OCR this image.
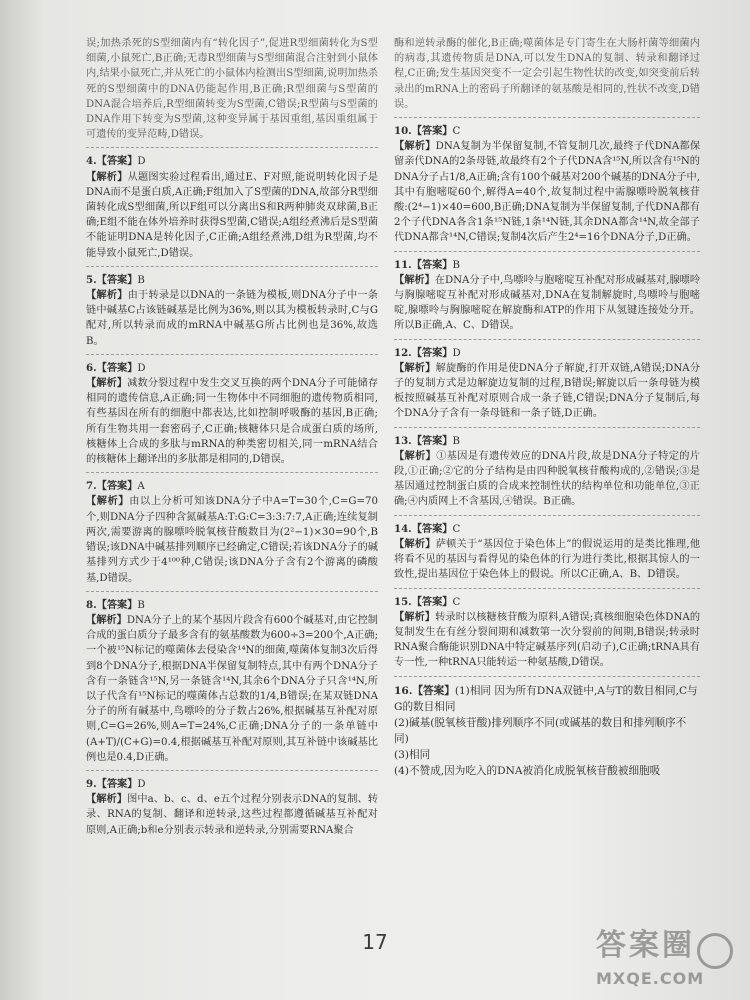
误;加热杀死的S型细菌内有“转化因子”,促进R型细菌转化为S型细菌,小鼠死亡,B正确;无毒R型细菌与S型细菌混合注射到小鼠体内,结果小鼠死亡,并从死亡的小鼠体内检测出S型细菌,说明加热杀死的S型细菌中的DNA仍能起作用,B正确;R型细菌与S型菌的DNA混合培养后,R型细菌转变为S型菌,C错误;R型菌与S型菌的DNA作用下转变为S型菌,这种变异属于基因重组,基因重组属于可遗传的变异范畴,D错误。
4.【答案】D
【解析】从题图实验过程看出,通过E、F对照,能说明转化因子是DNA而不是蛋白质,A正确;F组加入了S型菌的DNA,故部分R型细菌转化成S型细菌,所以F组可以分离出S和R两种肺炎双球菌,B正确;E组不能在体外培养时获得S型菌,C错误;A组经煮沸后是S型菌不能证明DNA是转化因子,C正确;A组经煮沸,D组为R型菌,均不能导致小鼠死亡,D错误。
5.【答案】B
【解析】由于转录是以DNA的一条链为模板,则DNA分子中一条链中碱基C占该链碱基是比例为36%,则以其为模板转录时,C与G配对,所以转录而成的mRNA中碱基G所占比例也是36%,故选B。
6.【答案】D
【解析】减数分裂过程中发生交叉互换的两个DNA分子可能储存相同的遗传信息,A正确;同一生物体中不同细胞的遗传物质相同,有些基因在所有的细胞中都表达,比如控制呼吸酶的基因,B正确;所有生物共用一套密码子,C正确;核糖体只是合成蛋白质的场所,核糖体上合成的多肽与mRNA的种类密切相关,同一mRNA结合的核糖体上翻译出的多肽都是相同的,D错误。
7.【答案】A
【解析】由以上分析可知该DNA分子中A=T=30个,C=G=70个,则DNA分子四种含氮碱基A:T:G:C=3:3:7:7,A正确;连续复制两次,需要游离的腺嘌呤脱氧核苷酸数目为(2²−1)×30=90个,B错误;该DNA中碱基排列顺序已经确定,C错误;若该DNA分子的碱基排列方式少于4¹⁰⁰种,C错误;该DNA分子含有2个游离的磷酸基,D错误。
8.【答案】B
【解析】DNA分子上的某个基因片段含有600个碱基对,由它控制合成的蛋白质分子最多含有的氨基酸数为600÷3=200个,A正确;一个被¹⁵N标记的噬菌体去侵染含¹⁴N的细菌,噬菌体复制3次后得到8个DNA分子,根据DNA半保留复制特点,其中有两个DNA分子含有一条链含¹⁵N,另一条链含¹⁴N,其余6个DNA分子只含¹⁴N,所以子代含有¹⁵N标记的噬菌体占总数的1/4,B错误;在某双链DNA分子的所有碱基中,鸟嘌呤的分子数占26%,根据碱基互补配对原则,C=G=26%,则A=T=24%,C正确;DNA分子的一条单链中(A+T)/(C+G)=0.4,根据碱基互补配对原则,其互补链中该碱基比例也是0.4,D正确。
9.【答案】D
【解析】图中a、b、c、d、e五个过程分别表示DNA的复制、转录、RNA的复制、翻译和逆转录,这些过程都遵循碱基互补配对原则,A正确;b和e分别表示转录和逆转录,分别需要RNA聚合
酶和逆转录酶的催化,B正确;噬菌体是专门寄生在大肠杆菌等细菌内的病毒,其遗传物质是DNA,可以发生DNA的复制、转录和翻译过程,C正确;发生基因突变不一定会引起生物性状的改变,如突变前后转录出的mRNA上的密码子所翻译的氨基酸是相同的,性状不改变,D错误。
10.【答案】C
【解析】DNA复制为半保留复制,不管复制几次,最终子代DNA都保留亲代DNA的2条母链,故最终有2个子代DNA含¹⁵N,所以含有¹⁵N的DNA分子占1/8,A正确;含有100个碱基对200个碱基的DNA分子中,其中有胞嘧啶60个,解得A=40个,故复制过程中需腺嘌呤脱氧核苷酸:(2⁴−1)×40=600,B正确;DNA复制为半保留复制,子代DNA都有2个子代DNA各含1条¹⁵N链,1条¹⁴N链,其余DNA都含¹⁴N,故全部子代DNA都含¹⁴N,C错误;复制4次后产生2⁴=16个DNA分子,D正确。
11.【答案】B
【解析】在DNA分子中,鸟嘌呤与胞嘧啶互补配对形成碱基对,腺嘌呤与胸腺嘧啶互补配对形成碱基对,DNA在复制解旋时,鸟嘌呤与胞嘧啶,腺嘌呤与胸腺嘧啶在解旋酶和ATP的作用下从氢键连接处分开。所以B正确,A、C、D错误。
12.【答案】D
【解析】解旋酶的作用是使DNA分子解旋,打开双链,A错误;DNA分子的复制方式是边解旋边复制的过程,B错误;解旋以后一条母链为模板按照碱基互补配对原则合成一条子链,C错误;DNA分子复制后,每个DNA分子含有一条母链和一条子链,D正确。
13.【答案】B
【解析】①基因是有遗传效应的DNA片段,故是DNA分子特定的片段,①正确;②它的分子结构是由四种脱氧核苷酸构成的,②错误;③是基因通过控制蛋白质的合成来控制性状的结构单位和功能单位,③正确;④内质网上不含基因,④错误。B正确。
14.【答案】C
【解析】萨顿关于“基因位于染色体上”的假说运用的是类比推理,他将看不见的基因与看得见的染色体的行为进行类比,根据其惊人的一致性,提出基因位于染色体上的假说。所以C正确,A、B、D错误。
15.【答案】C
【解析】转录时以核糖核苷酸为原料,A错误;真核细胞染色体DNA的复制发生在有丝分裂间期和减数第一次分裂前的间期,B错误;转录时RNA聚合酶能识别DNA中特定碱基序列(启动子),C正确;tRNA具有专一性,一种tRNA只能转运一种氨基酸,D错误。
16.【答案】(1)相同 因为所有DNA双链中,A与T的数目相同,C与G的数目相同
(2)碱基(脱氧核苷酸)排列顺序不同(或碱基的数目和排列顺序不同)
(3)相同
(4)不赞成,因为吃入的DNA被消化成脱氧核苷酸被细胞吸
17	答案圈
MXQE.COM
